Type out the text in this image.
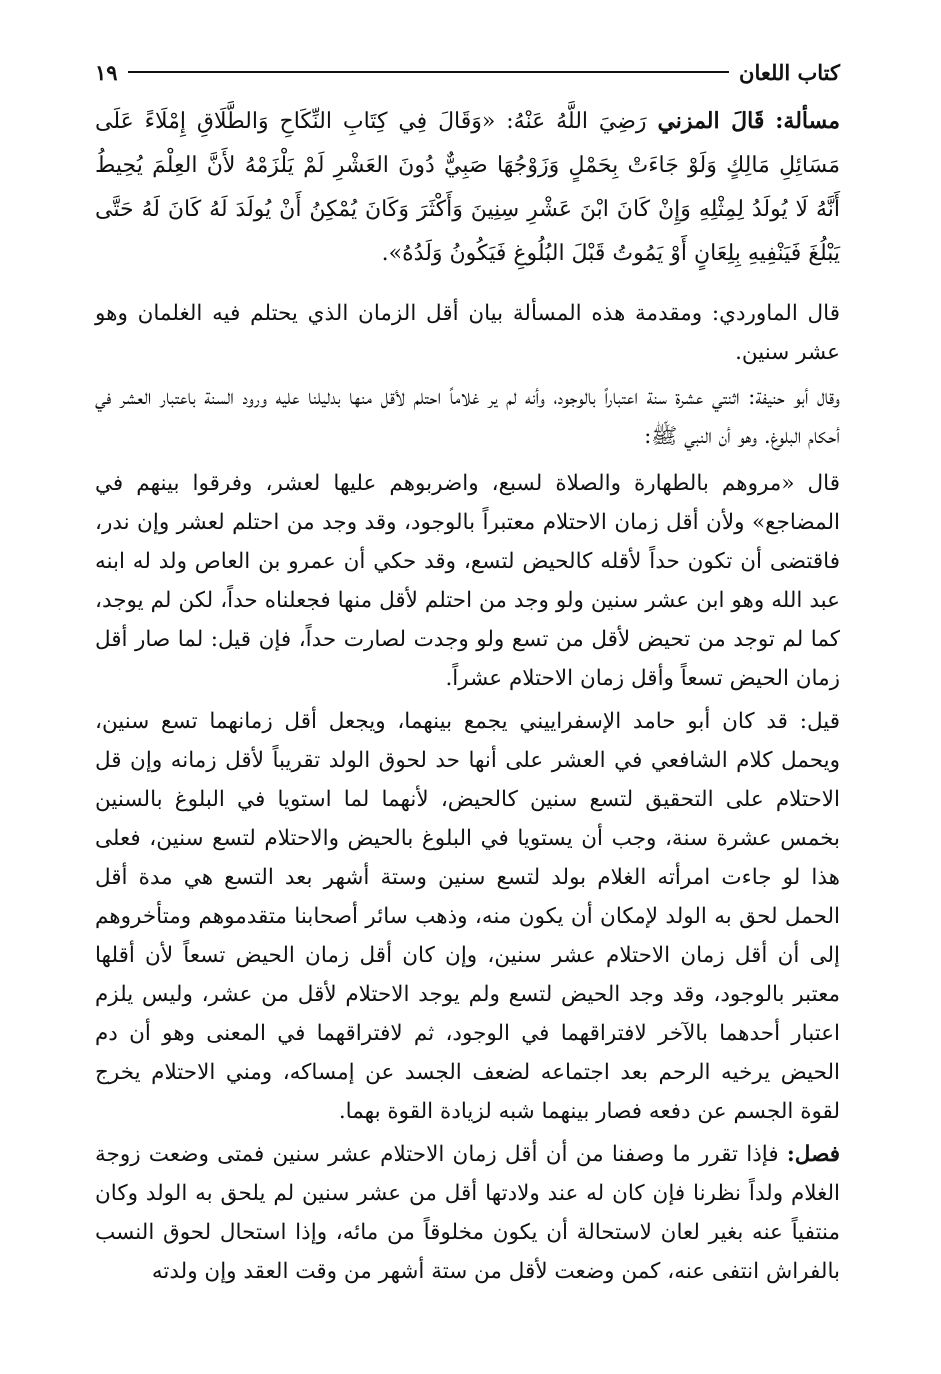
كتاب اللعان
١٩

مسألة: قَالَ المزني رَضِيَ اللَّهُ عَنْهُ: «وَقَالَ فِي كِتَابِ النِّكَاحِ وَالطَّلَاقِ إِمْلَاءً عَلَى مَسَائِلِ مَالِكٍ وَلَوْ جَاءَتْ بِحَمْلٍ وَزَوْجُهَا صَبِيٌّ دُونَ العَشْرِ لَمْ يَلْزَمْهُ لأَنَّ العِلْمَ يُحِيطُ أَنَّهُ لَا يُولَدُ لِمِثْلِهِ وَإِنْ كَانَ ابْنَ عَشْرِ سِنِينَ وَأَكْثَرَ وَكَانَ يُمْكِنُ أَنْ يُولَدَ لَهُ كَانَ لَهُ حَتَّى يَبْلُغَ فَيَنْفِيهِ بِلِعَانٍ أَوْ يَمُوتُ قَبْلَ البُلُوغِ فَيَكُونُ وَلَدُهُ».

قال الماوردي: ومقدمة هذه المسألة بيان أقل الزمان الذي يحتلم فيه الغلمان وهو عشر سنين.

وقال أبو حنيفة: اثنتي عشرة سنة اعتباراً بالوجود، وأنه لم ير غلاماً احتلم لأقل منها بدليلنا عليه ورود السنة باعتبار العشر في أحكام البلوغ. وهو أن النبي ﷺ:

قال «مروهم بالطهارة والصلاة لسبع، واضربوهم عليها لعشر، وفرقوا بينهم في المضاجع» ولأن أقل زمان الاحتلام معتبراً بالوجود، وقد وجد من احتلم لعشر وإن ندر، فاقتضى أن تكون حداً لأقله كالحيض لتسع، وقد حكي أن عمرو بن العاص ولد له ابنه عبد الله وهو ابن عشر سنين ولو وجد من احتلم لأقل منها فجعلناه حداً، لكن لم يوجد، كما لم توجد من تحيض لأقل من تسع ولو وجدت لصارت حداً، فإن قيل: لما صار أقل زمان الحيض تسعاً وأقل زمان الاحتلام عشراً.

قيل: قد كان أبو حامد الإسفراييني يجمع بينهما، ويجعل أقل زمانهما تسع سنين، ويحمل كلام الشافعي في العشر على أنها حد لحوق الولد تقريباً لأقل زمانه وإن قل الاحتلام على التحقيق لتسع سنين كالحيض، لأنهما لما استويا في البلوغ بالسنين بخمس عشرة سنة، وجب أن يستويا في البلوغ بالحيض والاحتلام لتسع سنين، فعلى هذا لو جاءت امرأته الغلام بولد لتسع سنين وستة أشهر بعد التسع هي مدة أقل الحمل لحق به الولد لإمكان أن يكون منه، وذهب سائر أصحابنا متقدموهم ومتأخروهم إلى أن أقل زمان الاحتلام عشر سنين، وإن كان أقل زمان الحيض تسعاً لأن أقلها معتبر بالوجود، وقد وجد الحيض لتسع ولم يوجد الاحتلام لأقل من عشر، وليس يلزم اعتبار أحدهما بالآخر لافتراقهما في الوجود، ثم لافتراقهما في المعنى وهو أن دم الحيض يرخيه الرحم بعد اجتماعه لضعف الجسد عن إمساكه، ومني الاحتلام يخرج لقوة الجسم عن دفعه فصار بينهما شبه لزيادة القوة بهما.

فصل: فإذا تقرر ما وصفنا من أن أقل زمان الاحتلام عشر سنين فمتى وضعت زوجة الغلام ولداً نظرنا فإن كان له عند ولادتها أقل من عشر سنين لم يلحق به الولد وكان منتفياً عنه بغير لعان لاستحالة أن يكون مخلوقاً من مائه، وإذا استحال لحوق النسب بالفراش انتفى عنه، كمن وضعت لأقل من ستة أشهر من وقت العقد وإن ولدته
